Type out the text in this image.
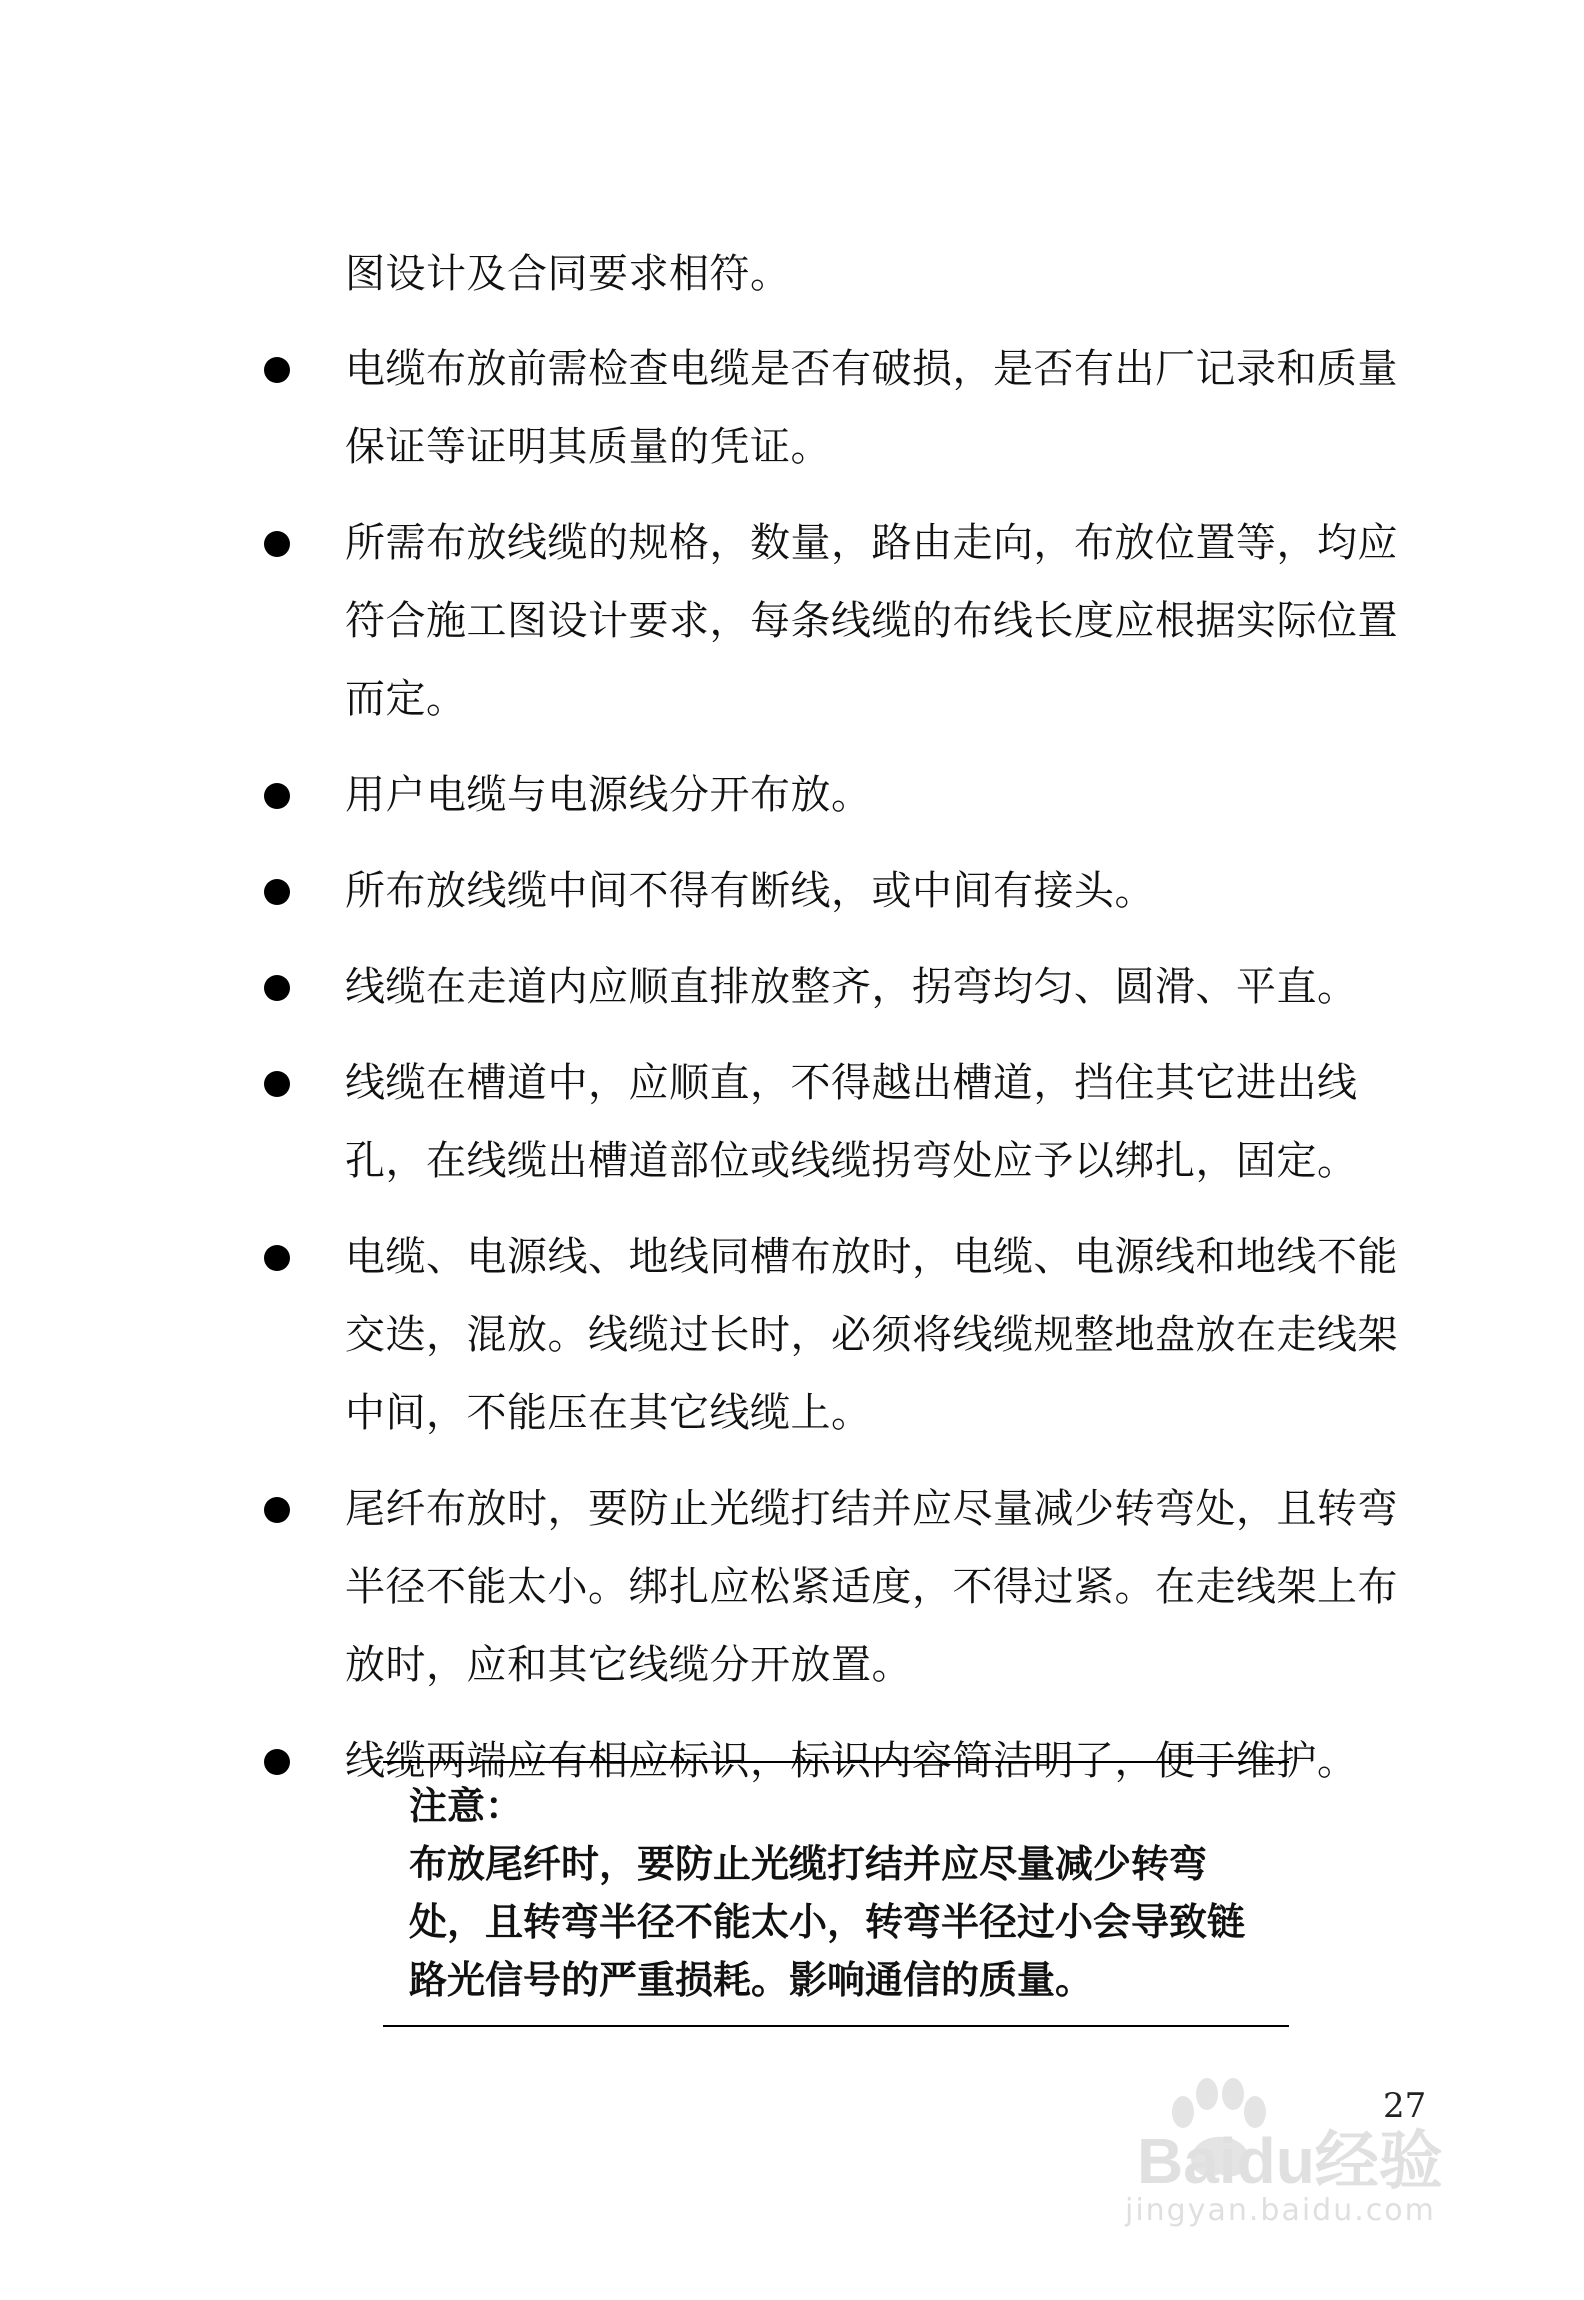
图设计及合同要求相符。
电缆布放前需检查电缆是否有破损，是否有出厂记录和质量保证等证明其质量的凭证。
所需布放线缆的规格，数量，路由走向，布放位置等，均应符合施工图设计要求，每条线缆的布线长度应根据实际位置而定。
用户电缆与电源线分开布放。
所布放线缆中间不得有断线，或中间有接头。
线缆在走道内应顺直排放整齐，拐弯均匀、圆滑、平直。
线缆在槽道中，应顺直，不得越出槽道，挡住其它进出线孔，在线缆出槽道部位或线缆拐弯处应予以绑扎，固定。
电缆、电源线、地线同槽布放时，电缆、电源线和地线不能交迭，混放。线缆过长时，必须将线缆规整地盘放在走线架中间，不能压在其它线缆上。
尾纤布放时，要防止光缆打结并应尽量减少转弯处，且转弯半径不能太小。绑扎应松紧适度，不得过紧。在走线架上布放时，应和其它线缆分开放置。
线缆两端应有相应标识，标识内容简洁明了，便于维护。

注意：

布放尾纤时，要防止光缆打结并应尽量减少转弯处，且转弯半径不能太小，转弯半径过小会导致链路光信号的严重损耗。影响通信的质量。

27
Baidu经验
jingyan.baidu.com
